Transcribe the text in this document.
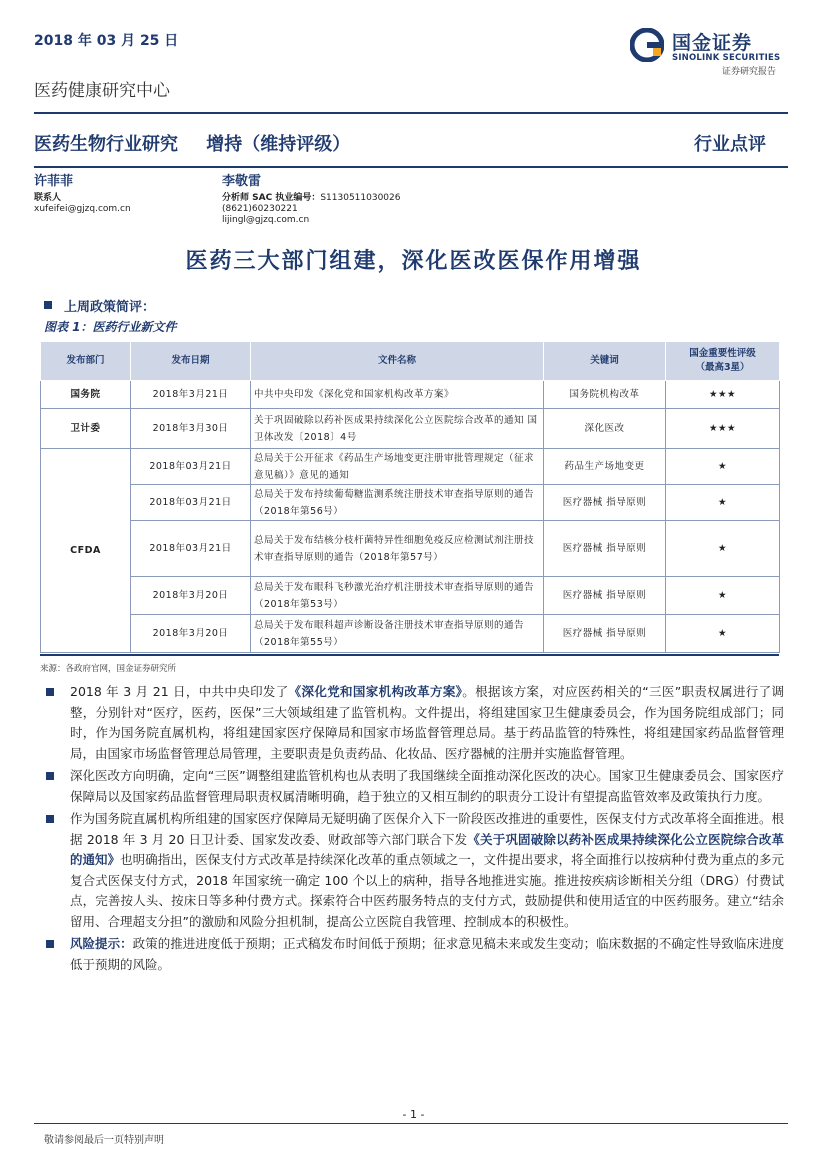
2018 年 03 月 25 日	国金证券
SINOLINK SECURITIES
医药健康研究中心
证券研究报告
医药生物行业研究 增持（维持评级）	行业点评
许菲菲
联系人
xufeifei@gjzq.com.cn
李敬雷
分析师 SAC 执业编号：S1130511030026
(8621)60230221
lijingl@gjzq.com.cn
医药三大部门组建，深化医改医保作用增强
上周政策简评：
图表 1：医药行业新文件
发布部门	发布日期	文件名称	关键词	国金重要性评级
（最高3星）
国务院	2018年3月21日	中共中央印发《深化党和国家机构改革方案》	国务院机构改革	★★★
卫计委	2018年3月30日	关于巩固破除以药补医成果持续深化公立医院综合改革的通知 国卫体改发〔2018〕4号	深化医改	★★★
CFDA	2018年03月21日	总局关于公开征求《药品生产场地变更注册审批管理规定（征求意见稿）》意见的通知	药品生产场地变更	★
	2018年03月21日	总局关于发布持续葡萄糖监测系统注册技术审查指导原则的通告（2018年第56号）	医疗器械 指导原则	★
	2018年03月21日	总局关于发布结核分枝杆菌特异性细胞免疫反应检测试剂注册技术审查指导原则的通告（2018年第57号）	医疗器械 指导原则	★
	2018年3月20日	总局关于发布眼科飞秒激光治疗机注册技术审查指导原则的通告（2018年第53号）	医疗器械 指导原则	★
	2018年3月20日	总局关于发布眼科超声诊断设备注册技术审查指导原则的通告（2018年第55号）	医疗器械 指导原则	★
来源：各政府官网，国金证券研究所
2018 年 3 月 21 日，中共中央印发了《深化党和国家机构改革方案》。根据该方案，对应医药相关的“三医”职责权属进行了调整，分别针对“医疗，医药，医保”三大领域组建了监管机构。文件提出，将组建国家卫生健康委员会，作为国务院组成部门；同时，作为国务院直属机构，将组建国家医疗保障局和国家市场监督管理总局。基于药品监管的特殊性，将组建国家药品监督管理局，由国家市场监督管理总局管理，主要职责是负责药品、化妆品、医疗器械的注册并实施监督管理。
深化医改方向明确，定向“三医”调整组建监管机构也从表明了我国继续全面推动深化医改的决心。国家卫生健康委员会、国家医疗保障局以及国家药品监督管理局职责权属清晰明确，趋于独立的又相互制约的职责分工设计有望提高监管效率及政策执行力度。
作为国务院直属机构所组建的国家医疗保障局无疑明确了医保介入下一阶段医改推进的重要性，医保支付方式改革将全面推进。根据 2018 年 3 月 20 日卫计委、国家发改委、财政部等六部门联合下发《关于巩固破除以药补医成果持续深化公立医院综合改革的通知》也明确指出，医保支付方式改革是持续深化改革的重点领域之一，文件提出要求，将全面推行以按病种付费为重点的多元复合式医保支付方式，2018 年国家统一确定 100 个以上的病种，指导各地推进实施。推进按疾病诊断相关分组（DRG）付费试点，完善按人头、按床日等多种付费方式。探索符合中医药服务特点的支付方式，鼓励提供和使用适宜的中医药服务。建立“结余留用、合理超支分担”的激励和风险分担机制，提高公立医院自我管理、控制成本的积极性。
风险提示：政策的推进进度低于预期；正式稿发布时间低于预期；征求意见稿未来或发生变动；临床数据的不确定性导致临床进度低于预期的风险。
- 1 -
敬请参阅最后一页特别声明
